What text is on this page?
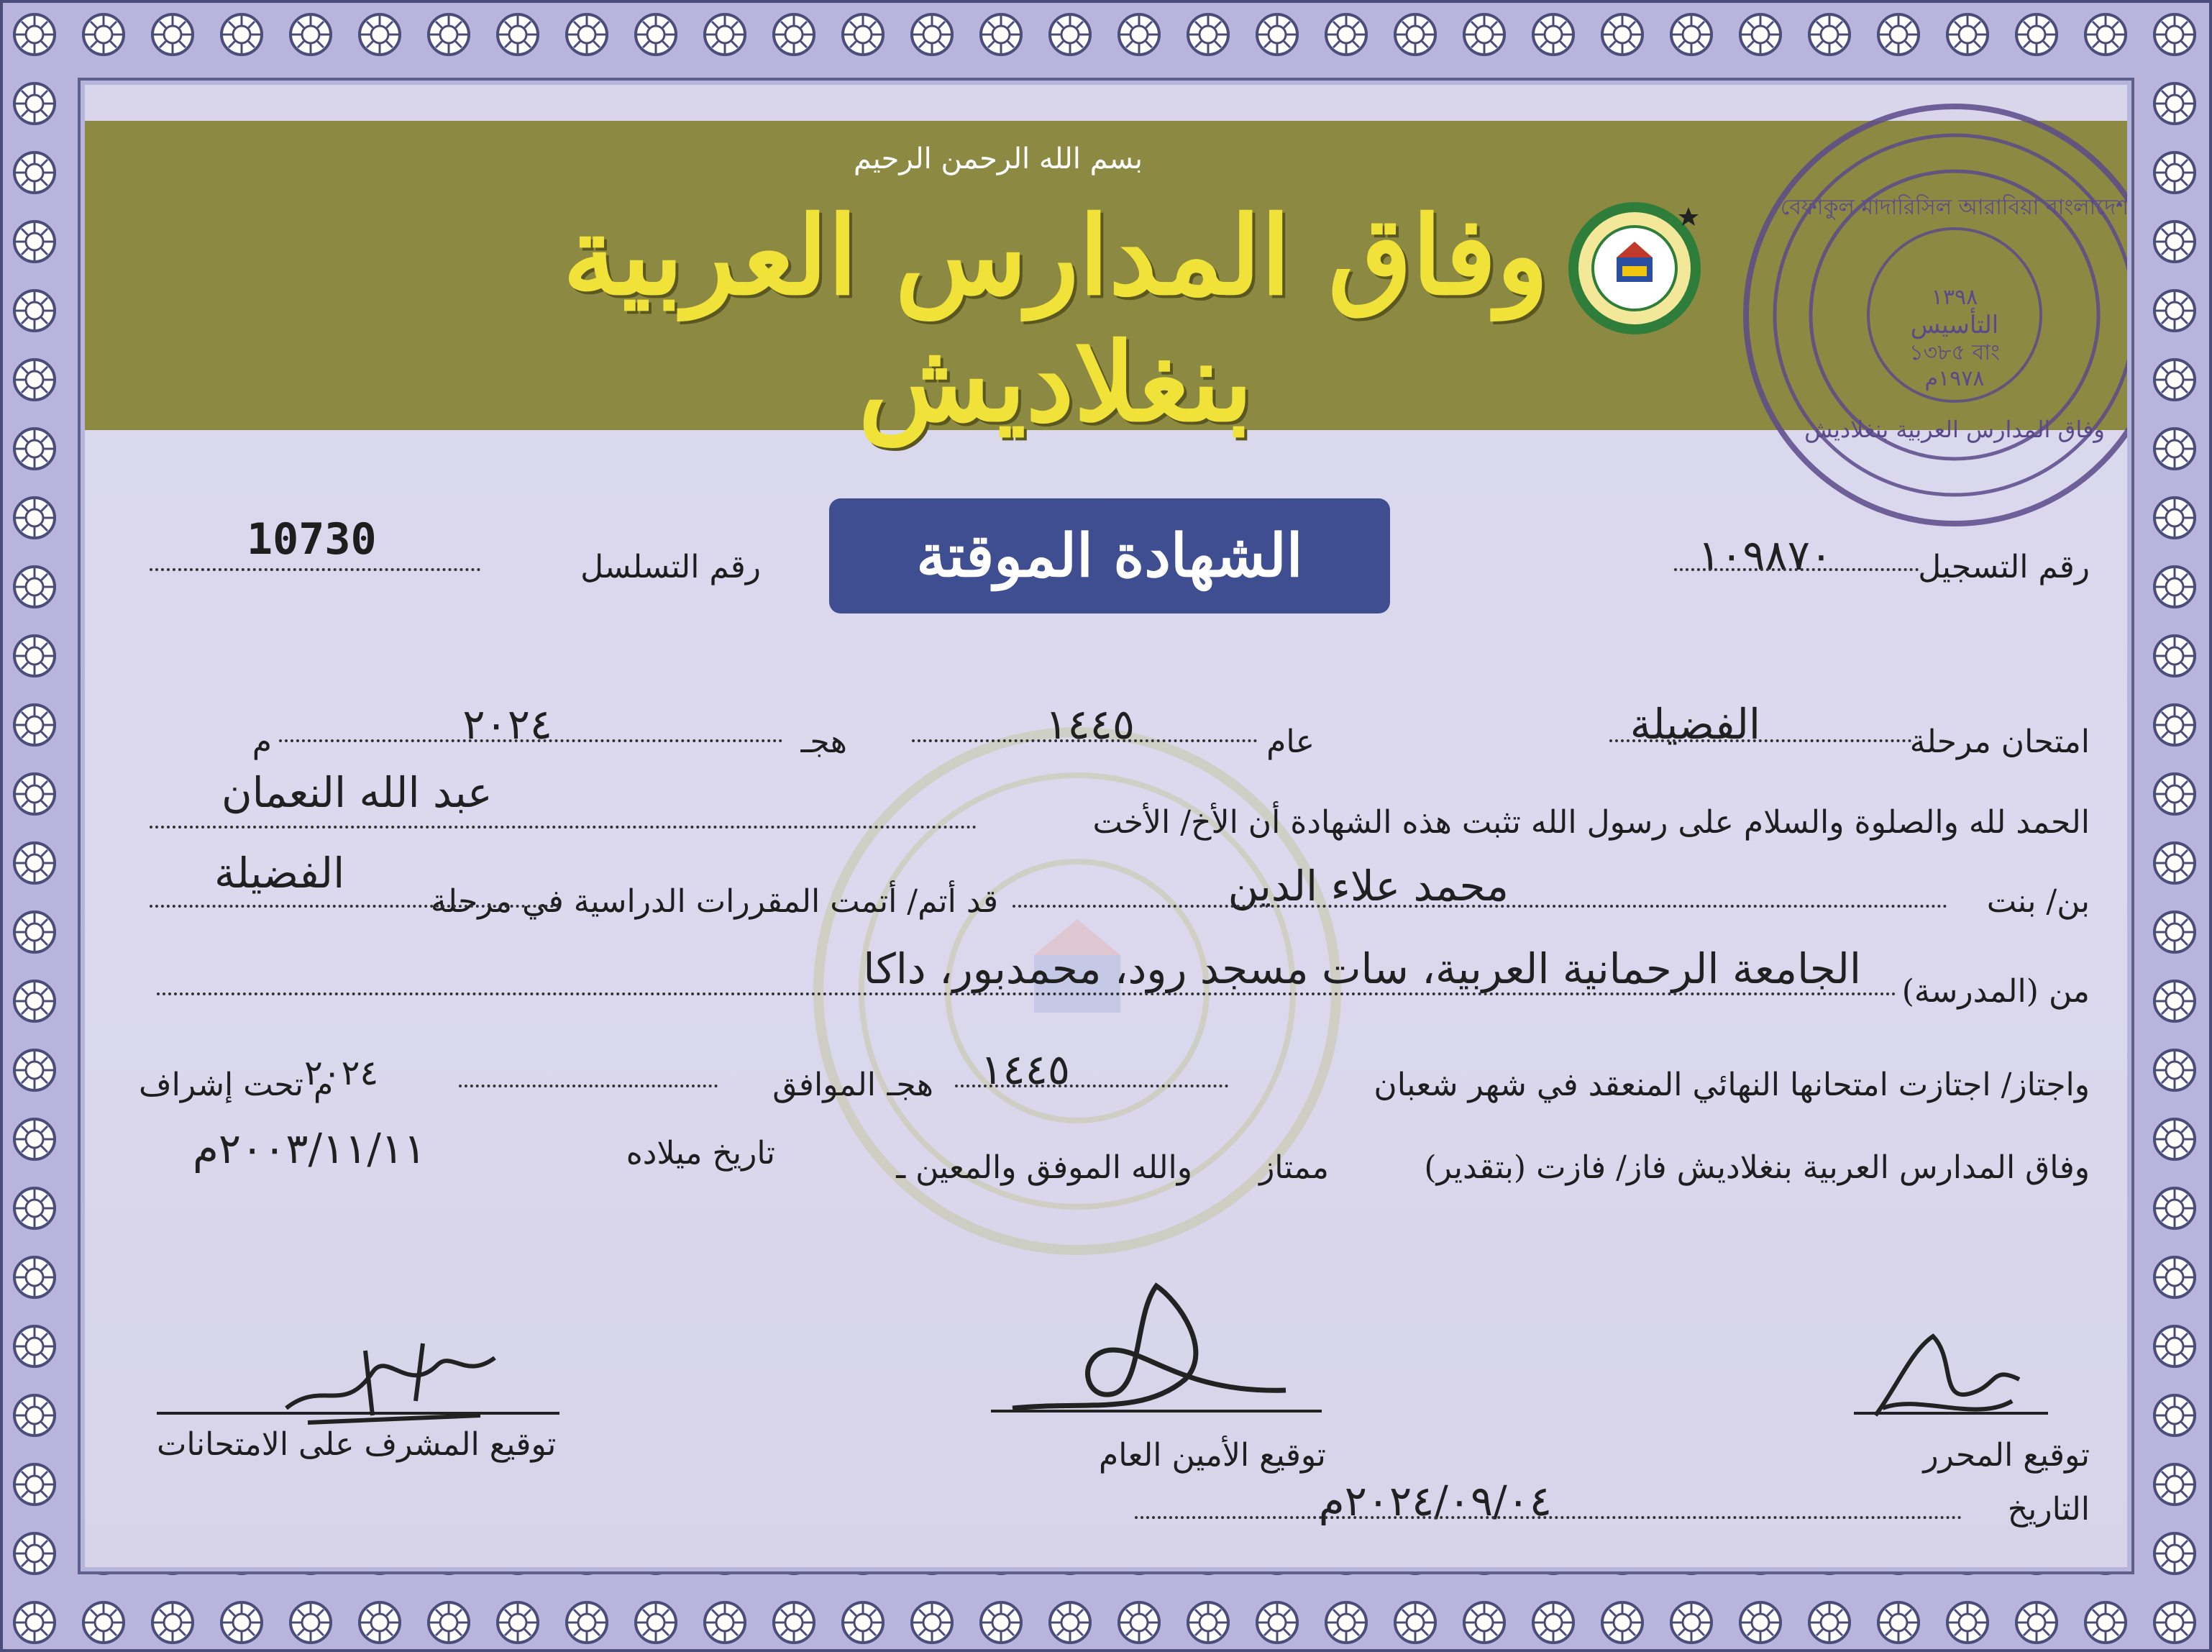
بسم الله الرحمن الرحيم
وفاق المدارس العربية بنغلاديش
١٣٩٨
التأسيس
১৩৮৫ বাং
١٩٧٨م
বেফাকুল মাদারিসিল আরাবিয়া বাংলাদেশ
وفاق المدارس العربية بنغلاديش
الشهادة الموقتة	رقم التسجيل
١٠٩٨٧٠
رقم التسلسل
10730
امتحان مرحلة
الفضيلة
عام
١٤٤٥
هجـ
٢٠٢٤
م
الحمد لله والصلوة والسلام على رسول الله تثبت هذه الشهادة أن الأخ/ الأخت
عبد الله النعمان
بن/ بنت
محمد علاء الدين
قد أتم/ أتمت المقررات الدراسية في مرحلة
الفضيلة
من (المدرسة)
الجامعة الرحمانية العربية، سات مسجد رود، محمدبور، داكا
واجتاز/ اجتازت امتحانها النهائي المنعقد في شهر شعبان
١٤٤٥
هجـ
الموافق
٢٠٢٤
م تحت إشراف
وفاق المدارس العربية بنغلاديش فاز/ فازت (بتقدير)
ممتاز
والله الموفق والمعين ـ
تاريخ ميلاده
٢٠٠٣/١١/١١م
توقيع المشرف على الامتحانات	توقيع الأمين العام	توقيع المحرر
التاريخ
٢٠٢٤/٠٩/٠٤م
